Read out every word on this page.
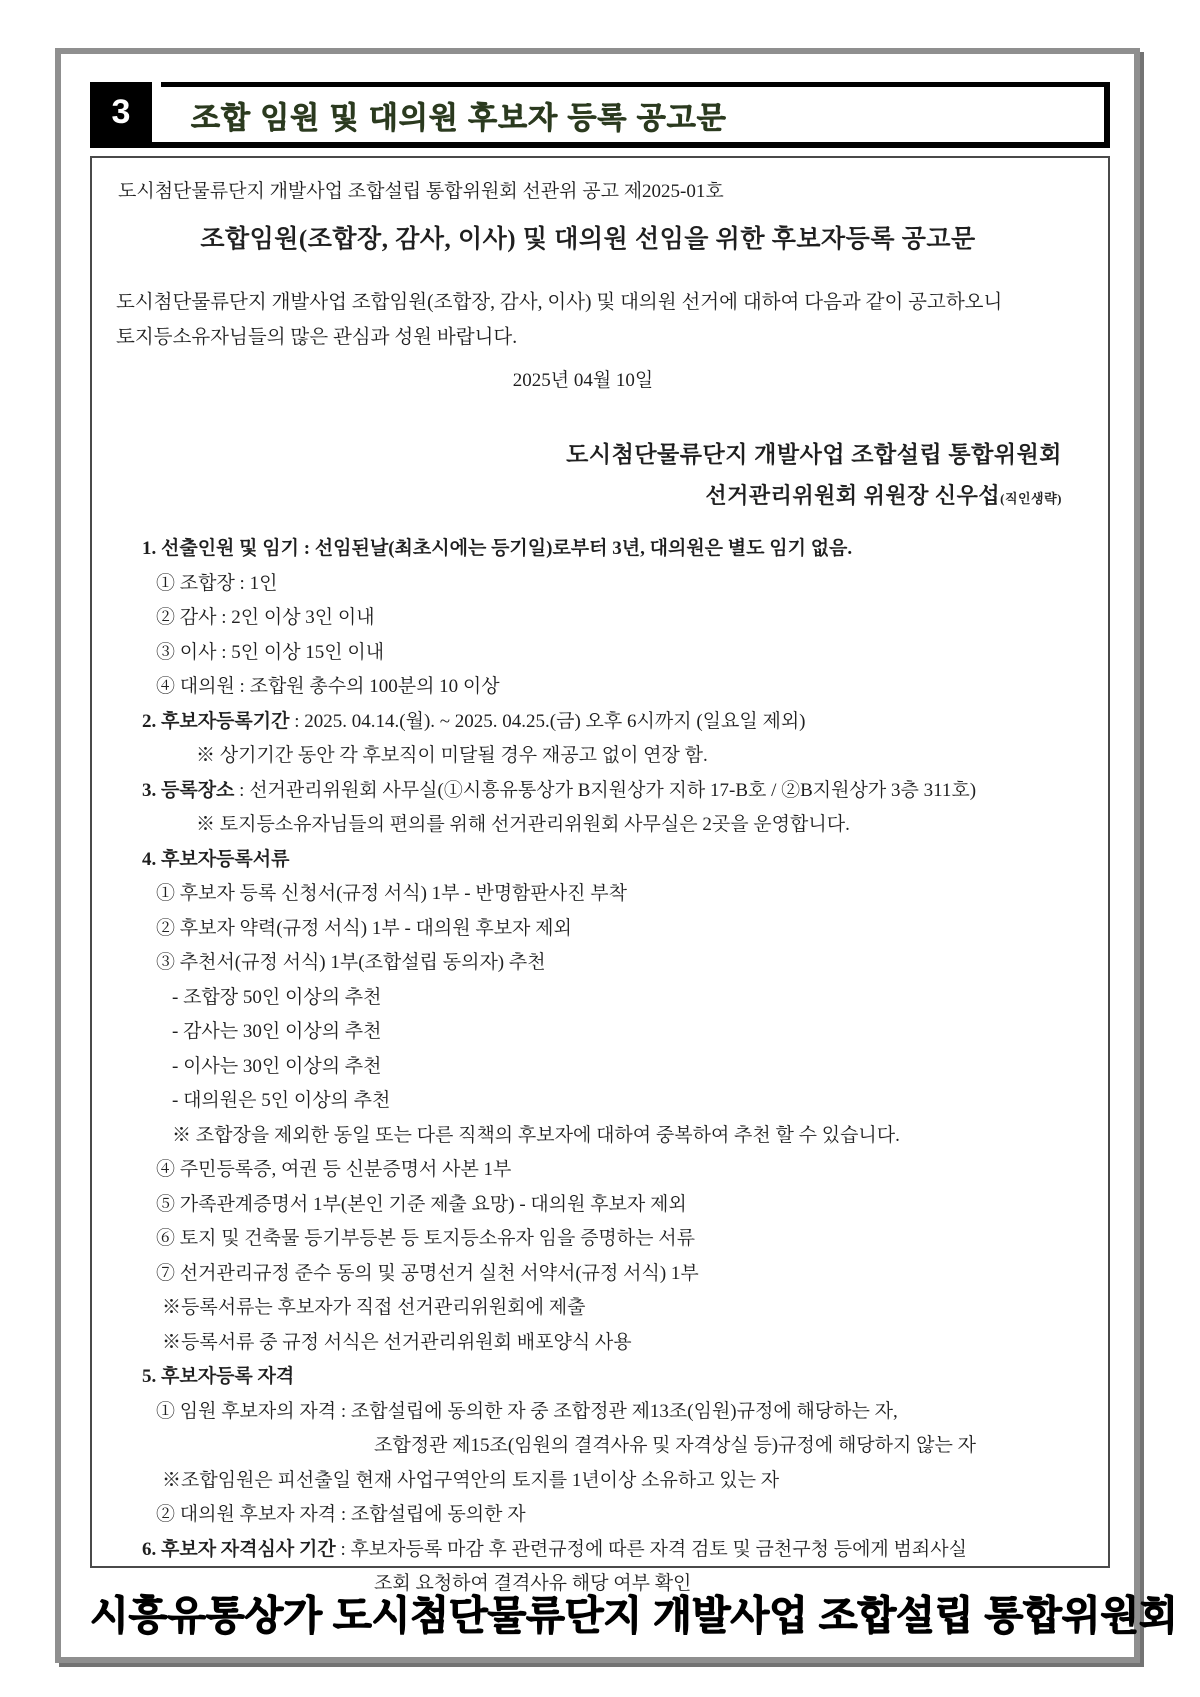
3	조합 임원 및 대의원 후보자 등록 공고문
도시첨단물류단지 개발사업 조합설립 통합위원회 선관위 공고 제2025-01호
조합임원(조합장, 감사, 이사) 및 대의원 선임을 위한 후보자등록 공고문
도시첨단물류단지 개발사업 조합임원(조합장, 감사, 이사) 및 대의원 선거에 대하여 다음과 같이 공고하오니
토지등소유자님들의 많은 관심과 성원 바랍니다.
2025년 04월 10일
도시첨단물류단지 개발사업 조합설립 통합위원회
선거관리위원회 위원장 신우섭(직인생략)
1. 선출인원 및 임기 : 선임된날(최초시에는 등기일)로부터 3년, 대의원은 별도 임기 없음.
① 조합장 : 1인
② 감사 : 2인 이상 3인 이내
③ 이사 : 5인 이상 15인 이내
④ 대의원 : 조합원 총수의 100분의 10 이상
2. 후보자등록기간 : 2025. 04.14.(월). ~ 2025. 04.25.(금) 오후 6시까지 (일요일 제외)
※ 상기기간 동안 각 후보직이 미달될 경우 재공고 없이 연장 함.
3. 등록장소 : 선거관리위원회 사무실(①시흥유통상가 B지원상가 지하 17-B호 / ②B지원상가 3층 311호)
※ 토지등소유자님들의 편의를 위해 선거관리위원회 사무실은 2곳을 운영합니다.
4. 후보자등록서류
① 후보자 등록 신청서(규정 서식) 1부 - 반명함판사진 부착
② 후보자 약력(규정 서식) 1부 - 대의원 후보자 제외
③ 추천서(규정 서식) 1부(조합설립 동의자) 추천
- 조합장 50인 이상의 추천
- 감사는 30인 이상의 추천
- 이사는 30인 이상의 추천
- 대의원은 5인 이상의 추천
※ 조합장을 제외한 동일 또는 다른 직책의 후보자에 대하여 중복하여 추천 할 수 있습니다.
④ 주민등록증, 여권 등 신분증명서 사본 1부
⑤ 가족관계증명서 1부(본인 기준 제출 요망) - 대의원 후보자 제외
⑥ 토지 및 건축물 등기부등본 등 토지등소유자 임을 증명하는 서류
⑦ 선거관리규정 준수 동의 및 공명선거 실천 서약서(규정 서식) 1부
※등록서류는 후보자가 직접 선거관리위원회에 제출
※등록서류 중 규정 서식은 선거관리위원회 배포양식 사용
5. 후보자등록 자격
① 임원 후보자의 자격 : 조합설립에 동의한 자 중 조합정관 제13조(임원)규정에 해당하는 자,
조합정관 제15조(임원의 결격사유 및 자격상실 등)규정에 해당하지 않는 자
※조합임원은 피선출일 현재 사업구역안의 토지를 1년이상 소유하고 있는 자
② 대의원 후보자 자격 : 조합설립에 동의한 자
6. 후보자 자격심사 기간 : 후보자등록 마감 후 관련규정에 따른 자격 검토 및 금천구청 등에게 범죄사실
조회 요청하여 결격사유 해당 여부 확인
시흥유통상가 도시첨단물류단지 개발사업 조합설립 통합위원회
